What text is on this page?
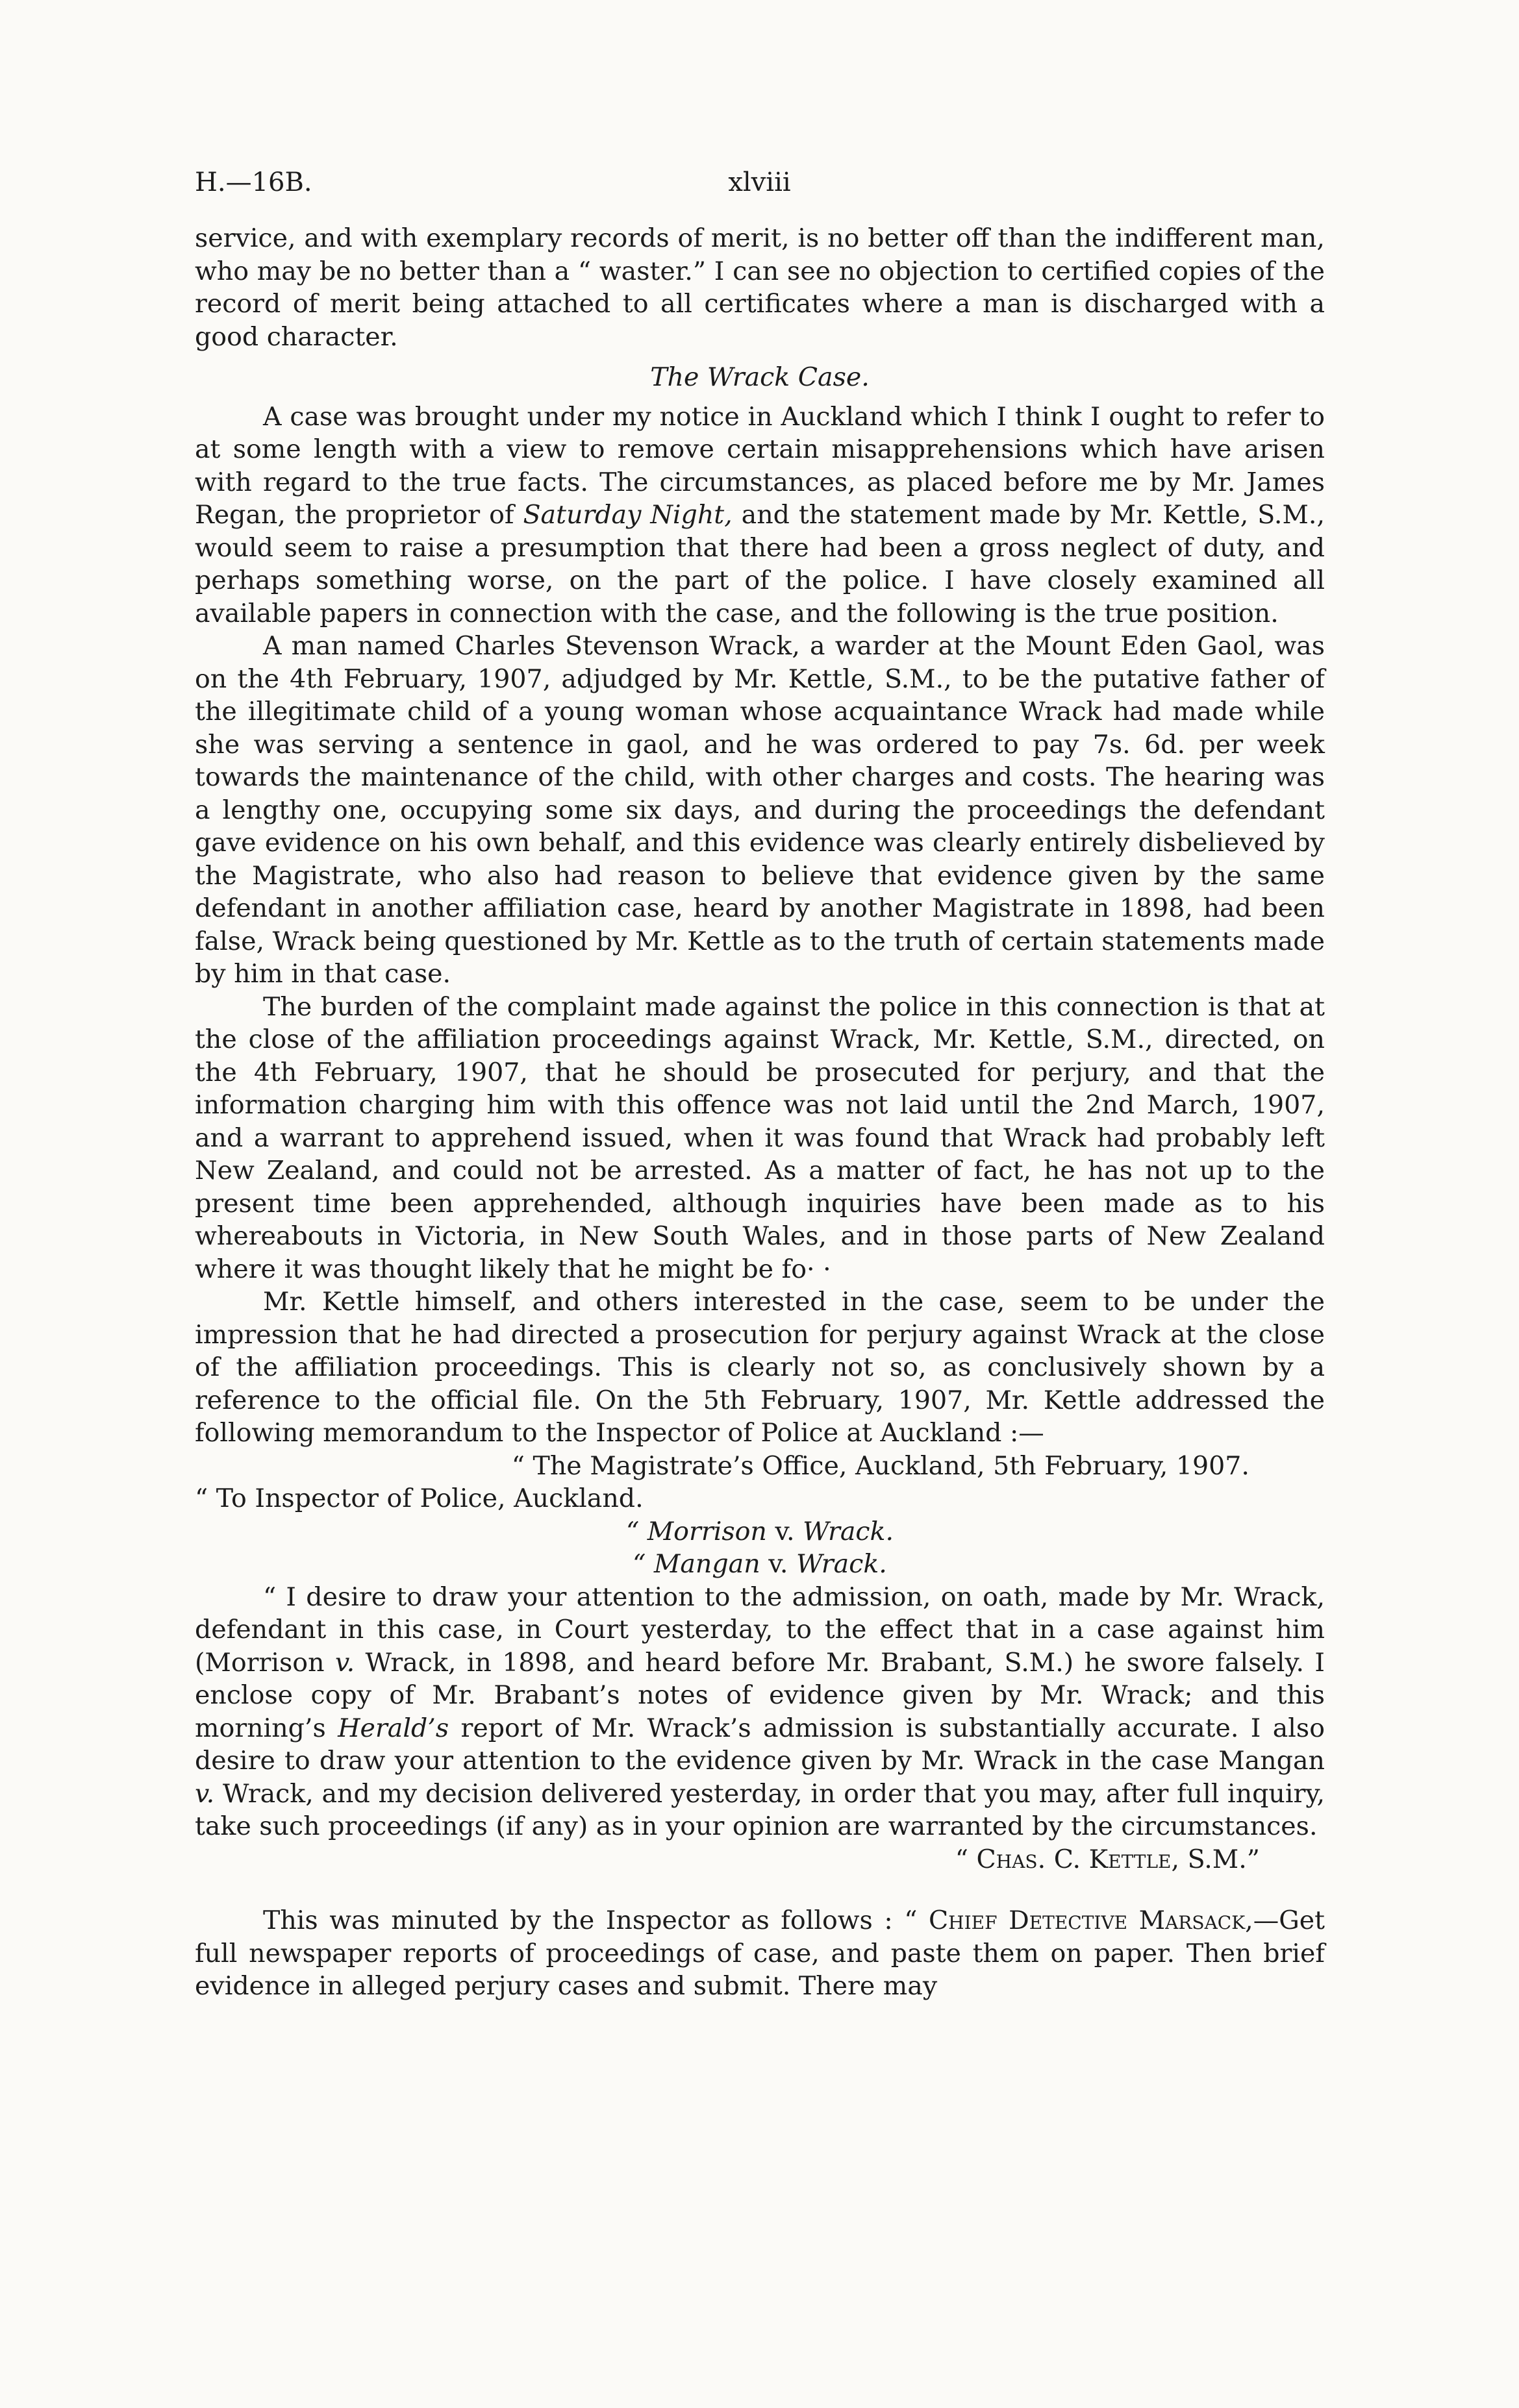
H.—16B.	xlviii

service, and with exemplary records of merit, is no better off than the indifferent man, who may be no better than a “ waster.” I can see no objection to certified copies of the record of merit being attached to all certificates where a man is discharged with a good character.

The Wrack Case.

A case was brought under my notice in Auckland which I think I ought to refer to at some length with a view to remove certain misapprehensions which have arisen with regard to the true facts. The circumstances, as placed before me by Mr. James Regan, the proprietor of Saturday Night, and the statement made by Mr. Kettle, S.M., would seem to raise a presumption that there had been a gross neglect of duty, and perhaps something worse, on the part of the police. I have closely examined all available papers in connection with the case, and the following is the true position.

A man named Charles Stevenson Wrack, a warder at the Mount Eden Gaol, was on the 4th February, 1907, adjudged by Mr. Kettle, S.M., to be the putative father of the illegitimate child of a young woman whose acquaintance Wrack had made while she was serving a sentence in gaol, and he was ordered to pay 7s. 6d. per week towards the maintenance of the child, with other charges and costs. The hearing was a lengthy one, occupying some six days, and during the proceedings the defendant gave evidence on his own behalf, and this evidence was clearly entirely disbelieved by the Magistrate, who also had reason to believe that evidence given by the same defendant in another affiliation case, heard by another Magistrate in 1898, had been false, Wrack being questioned by Mr. Kettle as to the truth of certain statements made by him in that case.

The burden of the complaint made against the police in this connection is that at the close of the affiliation proceedings against Wrack, Mr. Kettle, S.M., directed, on the 4th February, 1907, that he should be prosecuted for perjury, and that the information charging him with this offence was not laid until the 2nd March, 1907, and a warrant to apprehend issued, when it was found that Wrack had probably left New Zealand, and could not be arrested. As a matter of fact, he has not up to the present time been apprehended, although inquiries have been made as to his whereabouts in Victoria, in New South Wales, and in those parts of New Zealand where it was thought likely that he might be fo· ·

Mr. Kettle himself, and others interested in the case, seem to be under the impression that he had directed a prosecution for perjury against Wrack at the close of the affiliation proceedings. This is clearly not so, as conclusively shown by a reference to the official file. On the 5th February, 1907, Mr. Kettle addressed the following memorandum to the Inspector of Police at Auckland :—

“ The Magistrate’s Office, Auckland, 5th February, 1907.

“ To Inspector of Police, Auckland.

“ Morrison v. Wrack.

“ Mangan v. Wrack.

“ I desire to draw your attention to the admission, on oath, made by Mr. Wrack, defendant in this case, in Court yesterday, to the effect that in a case against him (Morrison v. Wrack, in 1898, and heard before Mr. Brabant, S.M.) he swore falsely. I enclose copy of Mr. Brabant’s notes of evidence given by Mr. Wrack; and this morning’s Herald’s report of Mr. Wrack’s admission is substantially accurate. I also desire to draw your attention to the evidence given by Mr. Wrack in the case Mangan v. Wrack, and my decision delivered yesterday, in order that you may, after full inquiry, take such proceedings (if any) as in your opinion are warranted by the circumstances.

“ Chas. C. Kettle, S.M.”

This was minuted by the Inspector as follows : “ Chief Detective Marsack,—Get full newspaper reports of proceedings of case, and paste them on paper. Then brief evidence in alleged perjury cases and submit. There may
